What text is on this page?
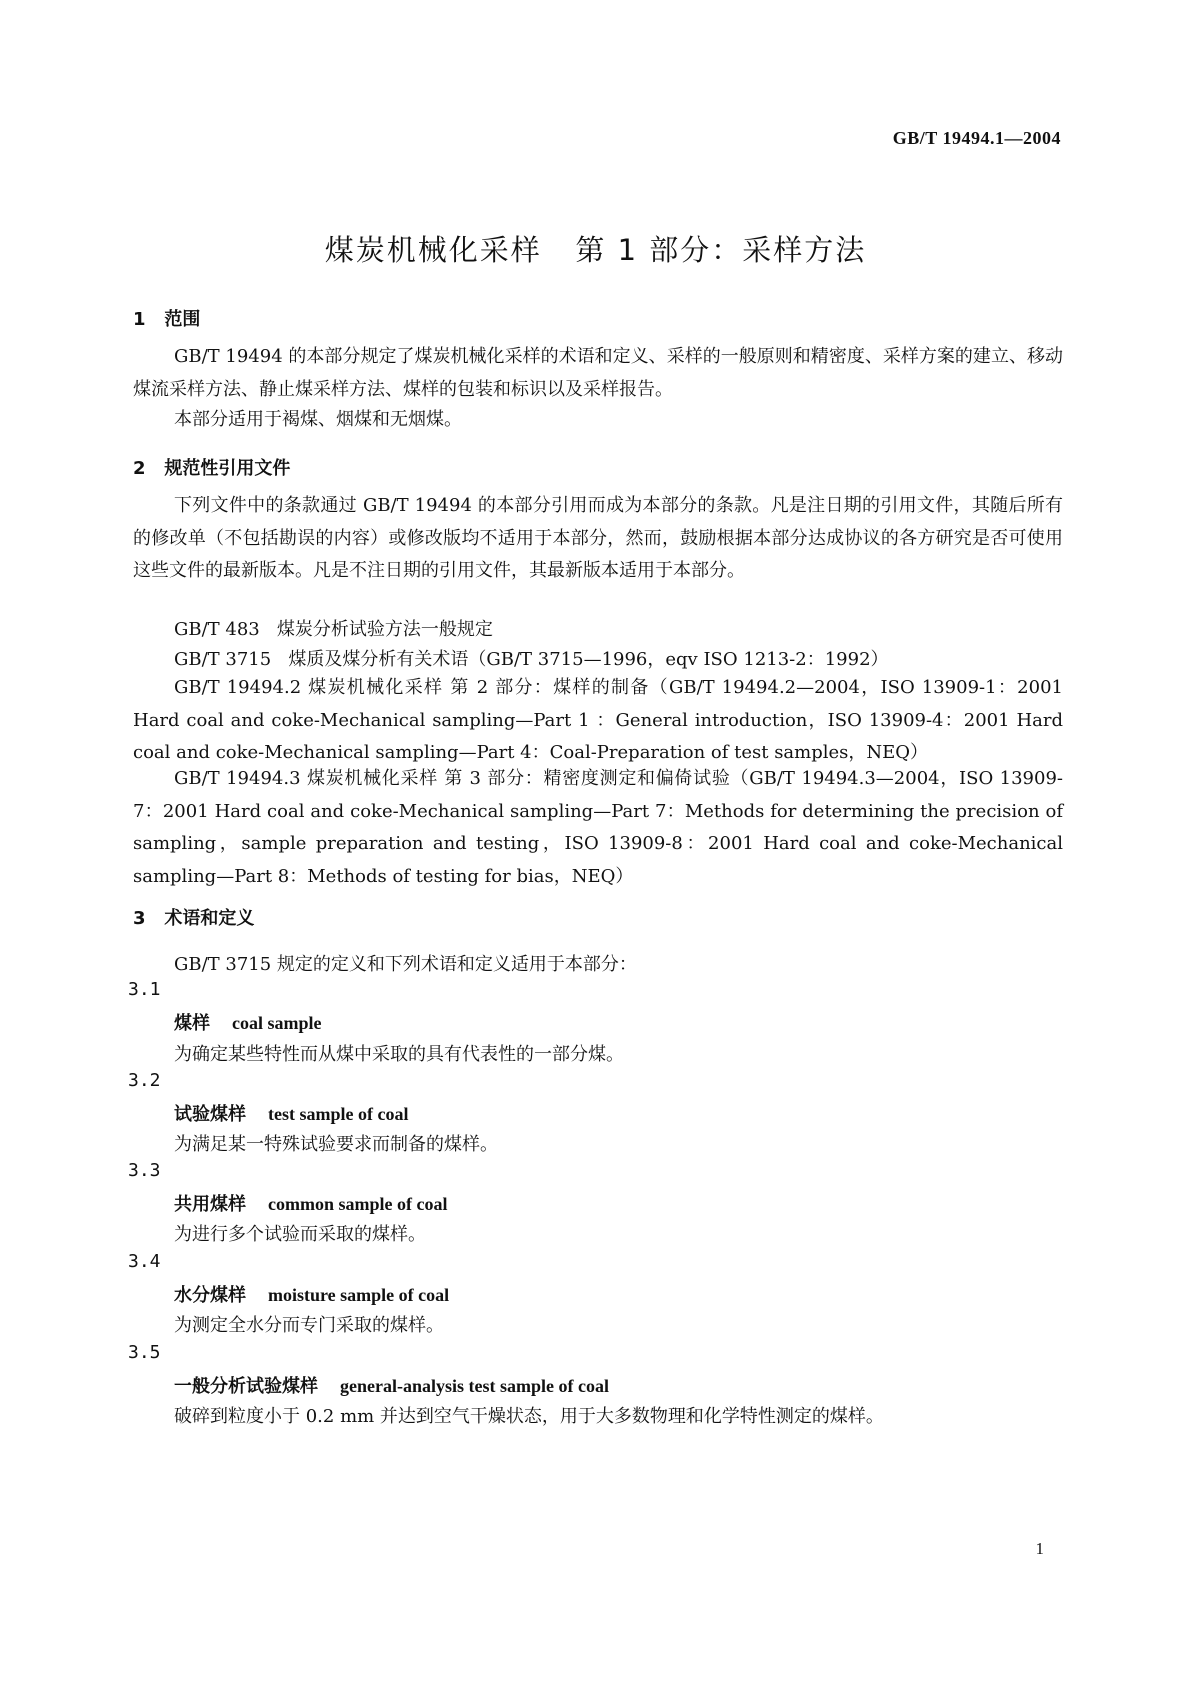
GB/T 19494.1—2004
煤炭机械化采样   第 1 部分：采样方法
1   范围
GB/T 19494 的本部分规定了煤炭机械化采样的术语和定义、采样的一般原则和精密度、采样方案的建立、移动煤流采样方法、静止煤采样方法、煤样的包装和标识以及采样报告。
本部分适用于褐煤、烟煤和无烟煤。
2   规范性引用文件
下列文件中的条款通过 GB/T 19494 的本部分引用而成为本部分的条款。凡是注日期的引用文件，其随后所有的修改单（不包括勘误的内容）或修改版均不适用于本部分，然而，鼓励根据本部分达成协议的各方研究是否可使用这些文件的最新版本。凡是不注日期的引用文件，其最新版本适用于本部分。
GB/T 483   煤炭分析试验方法一般规定
GB/T 3715   煤质及煤分析有关术语（GB/T 3715—1996，eqv ISO 1213-2：1992）
GB/T 19494.2 煤炭机械化采样 第 2 部分：煤样的制备（GB/T 19494.2—2004，ISO 13909-1：2001 Hard coal and coke-Mechanical sampling—Part 1 ：General introduction，ISO 13909-4：2001 Hard coal and coke-Mechanical sampling—Part 4：Coal-Preparation of test samples，NEQ）
GB/T 19494.3 煤炭机械化采样 第 3 部分：精密度测定和偏倚试验（GB/T 19494.3—2004，ISO 13909-7：2001 Hard coal and coke-Mechanical sampling—Part 7：Methods for determining the precision of sampling，sample preparation and testing，ISO 13909-8：2001 Hard coal and coke-Mechanical sampling—Part 8：Methods of testing for bias，NEQ）
3   术语和定义
GB/T 3715 规定的定义和下列术语和定义适用于本部分：
3.1
煤样 coal sample
为确定某些特性而从煤中采取的具有代表性的一部分煤。
3.2
试验煤样 test sample of coal
为满足某一特殊试验要求而制备的煤样。
3.3
共用煤样 common sample of coal
为进行多个试验而采取的煤样。
3.4
水分煤样 moisture sample of coal
为测定全水分而专门采取的煤样。
3.5
一般分析试验煤样 general-analysis test sample of coal
破碎到粒度小于 0.2 mm 并达到空气干燥状态，用于大多数物理和化学特性测定的煤样。
1
